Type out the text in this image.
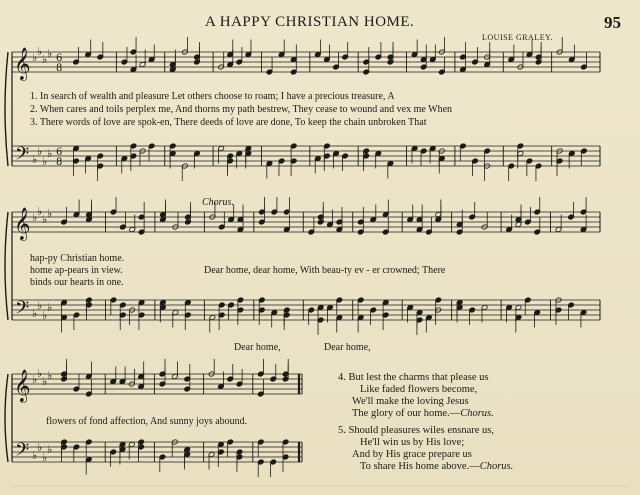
𝄞
𝄢
♭ ♭
♭ ♭
♭
♭
♭
♭
6
8
6
8
𝄞
𝄢
♭ ♭
♭ ♭
♭
♭
♭
♭
𝄞
𝄢
♭ ♭
♭ ♭
♭
♭
♭
♭
A HAPPY CHRISTIAN HOME.	95
LOUISE GRALEY.
1. In search of wealth and pleasure Let others choose to roam; I have a precious treasure, A
2. When cares and toils perplex me, And thorns my path bestrew, They cease to wound and vex me When
3. There words of love are spok-en, There deeds of love are done, To keep the chain unbroken That
Chorus.
hap-py Christian home.
home ap-pears in view.
binds our hearts in one.
Dear home, dear home, With beau-ty ev - er crowned; There
Dear home,	Dear home,
flowers of fond affection, And sunny joys abound.
4. But lest the charms that please us
Like faded flowers become,
We'll make the loving Jesus
The glory of our home.—Chorus.
5. Should pleasures wiles ensnare us,
He'll win us by His love;
And by His grace prepare us
To share His home above.—Chorus.
